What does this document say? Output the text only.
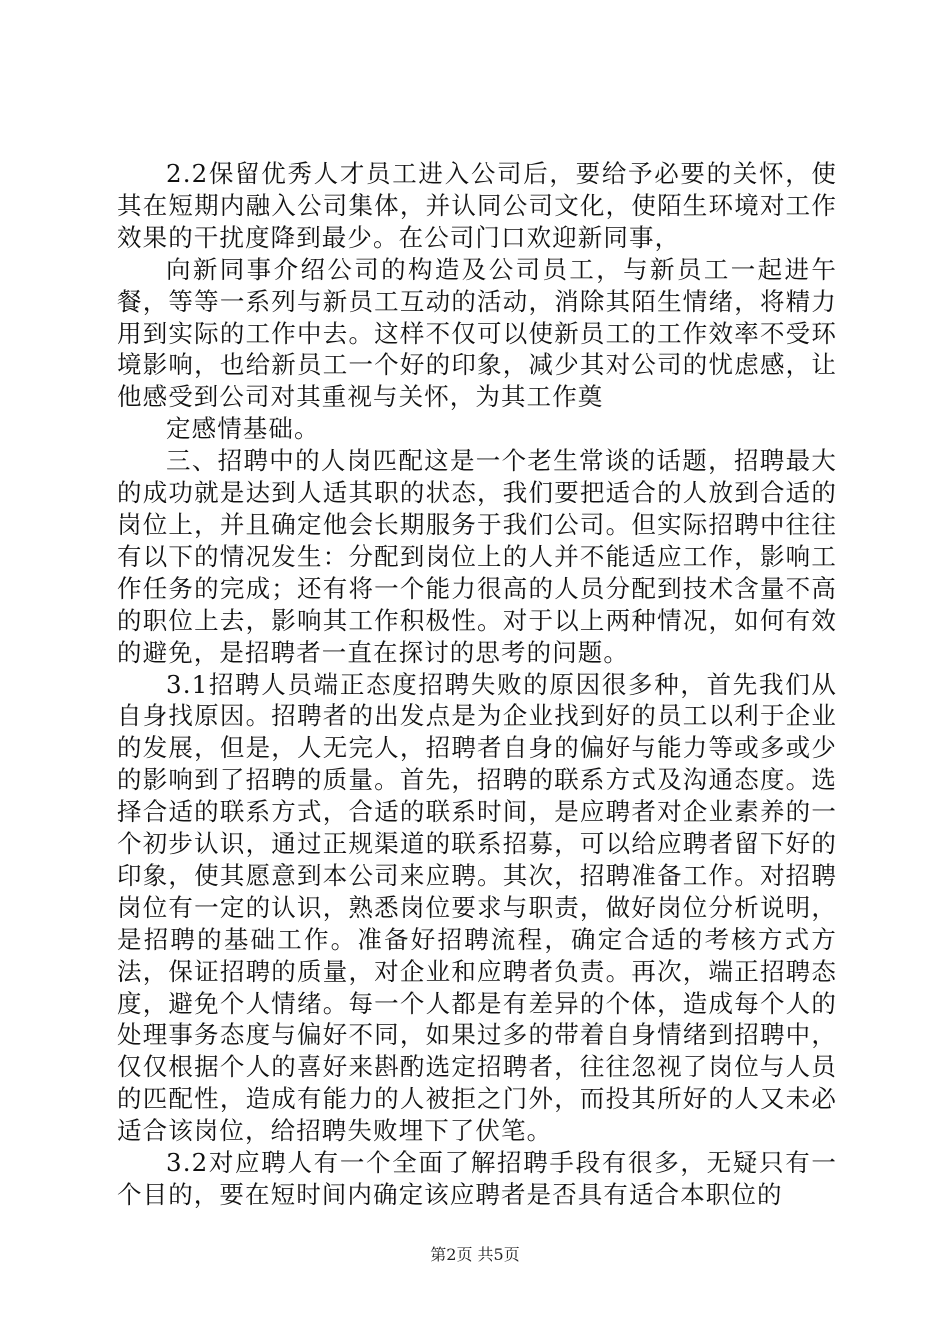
2.2保留优秀人才员工进入公司后，要给予必要的关怀，使其在短期内融入公司集体，并认同公司文化，使陌生环境对工作效果的干扰度降到最少。在公司门口欢迎新同事，

向新同事介绍公司的构造及公司员工，与新员工一起进午餐，等等一系列与新员工互动的活动，消除其陌生情绪，将精力用到实际的工作中去。这样不仅可以使新员工的工作效率不受环境影响，也给新员工一个好的印象，减少其对公司的忧虑感，让他感受到公司对其重视与关怀，为其工作奠

定感情基础。

三、招聘中的人岗匹配这是一个老生常谈的话题，招聘最大的成功就是达到人适其职的状态，我们要把适合的人放到合适的岗位上，并且确定他会长期服务于我们公司。但实际招聘中往往有以下的情况发生：分配到岗位上的人并不能适应工作，影响工作任务的完成；还有将一个能力很高的人员分配到技术含量不高的职位上去，影响其工作积极性。对于以上两种情况，如何有效的避免，是招聘者一直在探讨的思考的问题。

3.1招聘人员端正态度招聘失败的原因很多种，首先我们从自身找原因。招聘者的出发点是为企业找到好的员工以利于企业的发展，但是，人无完人，招聘者自身的偏好与能力等或多或少的影响到了招聘的质量。首先，招聘的联系方式及沟通态度。选择合适的联系方式，合适的联系时间，是应聘者对企业素养的一个初步认识，通过正规渠道的联系招募，可以给应聘者留下好的印象，使其愿意到本公司来应聘。其次，招聘准备工作。对招聘岗位有一定的认识，熟悉岗位要求与职责，做好岗位分析说明，是招聘的基础工作。准备好招聘流程，确定合适的考核方式方法，保证招聘的质量，对企业和应聘者负责。再次，端正招聘态度，避免个人情绪。每一个人都是有差异的个体，造成每个人的处理事务态度与偏好不同，如果过多的带着自身情绪到招聘中，仅仅根据个人的喜好来斟酌选定招聘者，往往忽视了岗位与人员的匹配性，造成有能力的人被拒之门外，而投其所好的人又未必适合该岗位，给招聘失败埋下了伏笔。

3.2对应聘人有一个全面了解招聘手段有很多，无疑只有一个目的，要在短时间内确定该应聘者是否具有适合本职位的

第2页 共5页
